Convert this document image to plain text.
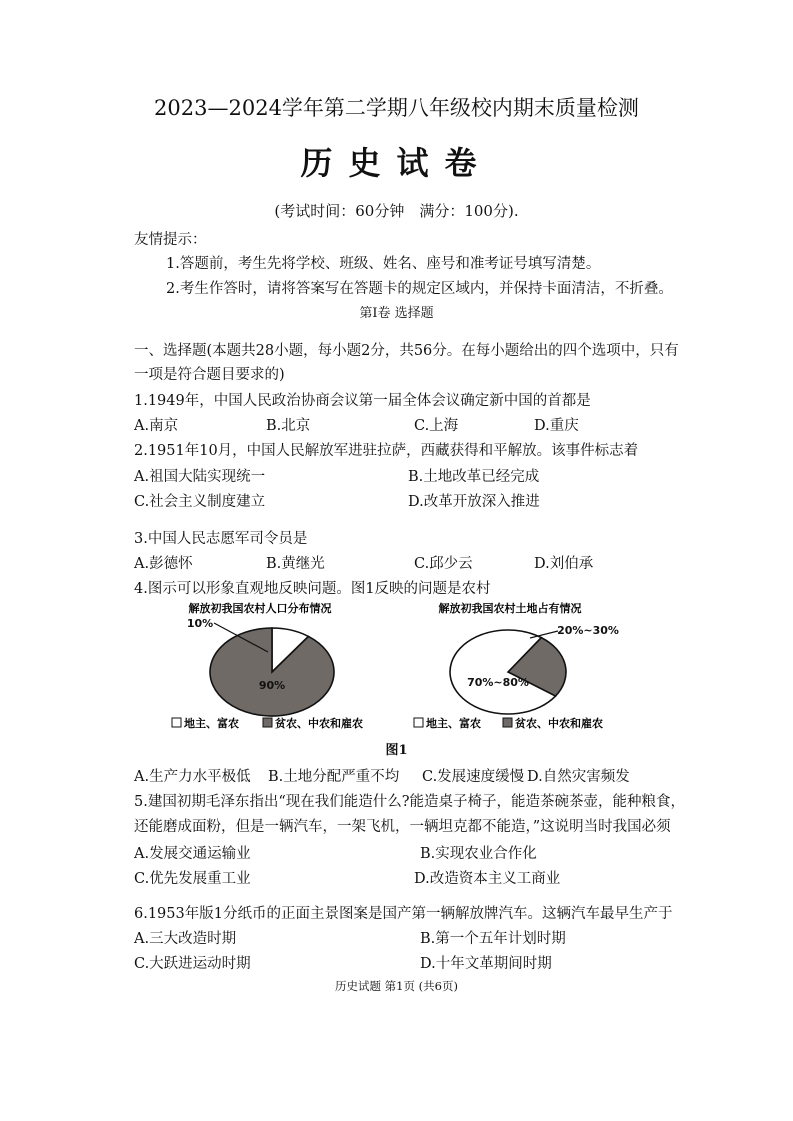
2023—2024学年第二学期八年级校内期末质量检测
历史试卷
(考试时间：60分钟　满分：100分).
友情提示：
1.答题前，考生先将学校、班级、姓名、座号和准考证号填写清楚。
2.考生作答时，请将答案写在答题卡的规定区域内，并保持卡面清洁，不折叠。
第Ⅰ卷 选择题
一、选择题(本题共28小题，每小题2分，共56分。在每小题给出的四个选项中，只有
一项是符合题目要求的)
1.1949年，中国人民政治协商会议第一届全体会议确定新中国的首都是
A.南京	B.北京	C.上海	D.重庆
2.1951年10月，中国人民解放军进驻拉萨，西藏获得和平解放。该事件标志着
A.祖国大陆实现统一	B.土地改革已经完成
C.社会主义制度建立	D.改革开放深入推进
3.中国人民志愿军司令员是
A.彭德怀	B.黄继光	C.邱少云	D.刘伯承
4.图示可以形象直观地反映问题。图1反映的问题是农村
解放初我国农村人口分布情况
10%
90%
解放初我国农村土地占有情况
70%~80%
20%~30%
地主、富农	贫农、中农和雇农	地主、富农	贫农、中农和雇农
图1
A.生产力水平极低 B.土地分配严重不均 C.发展速度缓慢 D.自然灾害频发
5.建国初期毛泽东指出“现在我们能造什么?能造桌子椅子，能造茶碗茶壶，能种粮食，
还能磨成面粉，但是一辆汽车，一架飞机，一辆坦克都不能造，”这说明当时我国必须
A.发展交通运输业	B.实现农业合作化
C.优先发展重工业	D.改造资本主义工商业
6.1953年版1分纸币的正面主景图案是国产第一辆解放牌汽车。这辆汽车最早生产于
A.三大改造时期	B.第一个五年计划时期
C.大跃进运动时期	D.十年文革期间时期
历史试题 第1页 (共6页)
